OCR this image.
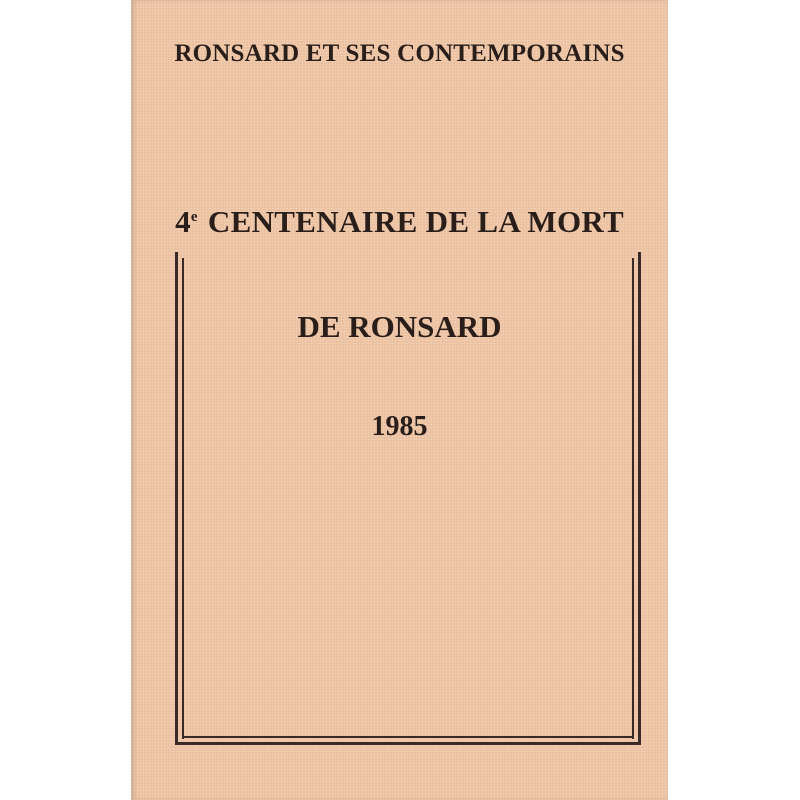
RONSARD ET SES CONTEMPORAINS
4e CENTENAIRE DE LA MORT
DE RONSARD
1985
